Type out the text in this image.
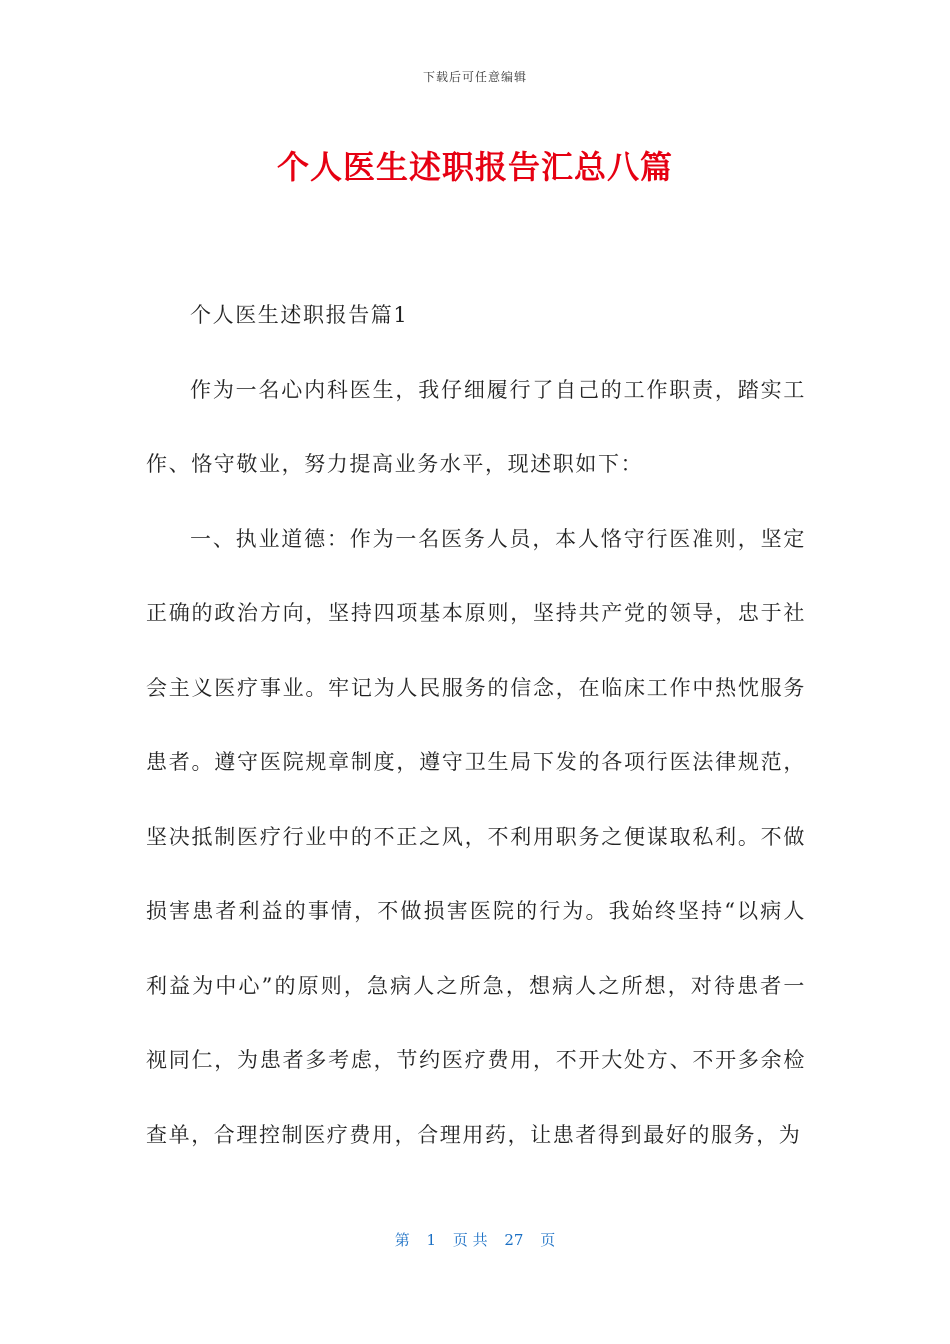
下载后可任意编辑
个人医生述职报告汇总八篇

个人医生述职报告篇1

作为一名心内科医生，我仔细履行了自己的工作职责，踏实工作、恪守敬业，努力提高业务水平，现述职如下：

一、执业道德：作为一名医务人员，本人恪守行医准则，坚定正确的政治方向，坚持四项基本原则，坚持共产党的领导，忠于社会主义医疗事业。牢记为人民服务的信念，在临床工作中热忱服务患者。遵守医院规章制度，遵守卫生局下发的各项行医法律规范，坚决抵制医疗行业中的不正之风，不利用职务之便谋取私利。不做损害患者利益的事情，不做损害医院的行为。我始终坚持“以病人利益为中心”的原则，急病人之所急，想病人之所想，对待患者一视同仁，为患者多考虑，节约医疗费用，不开大处方、不开多余检查单，合理控制医疗费用，合理用药，让患者得到最好的服务，为

第 1 页 共 27 页
